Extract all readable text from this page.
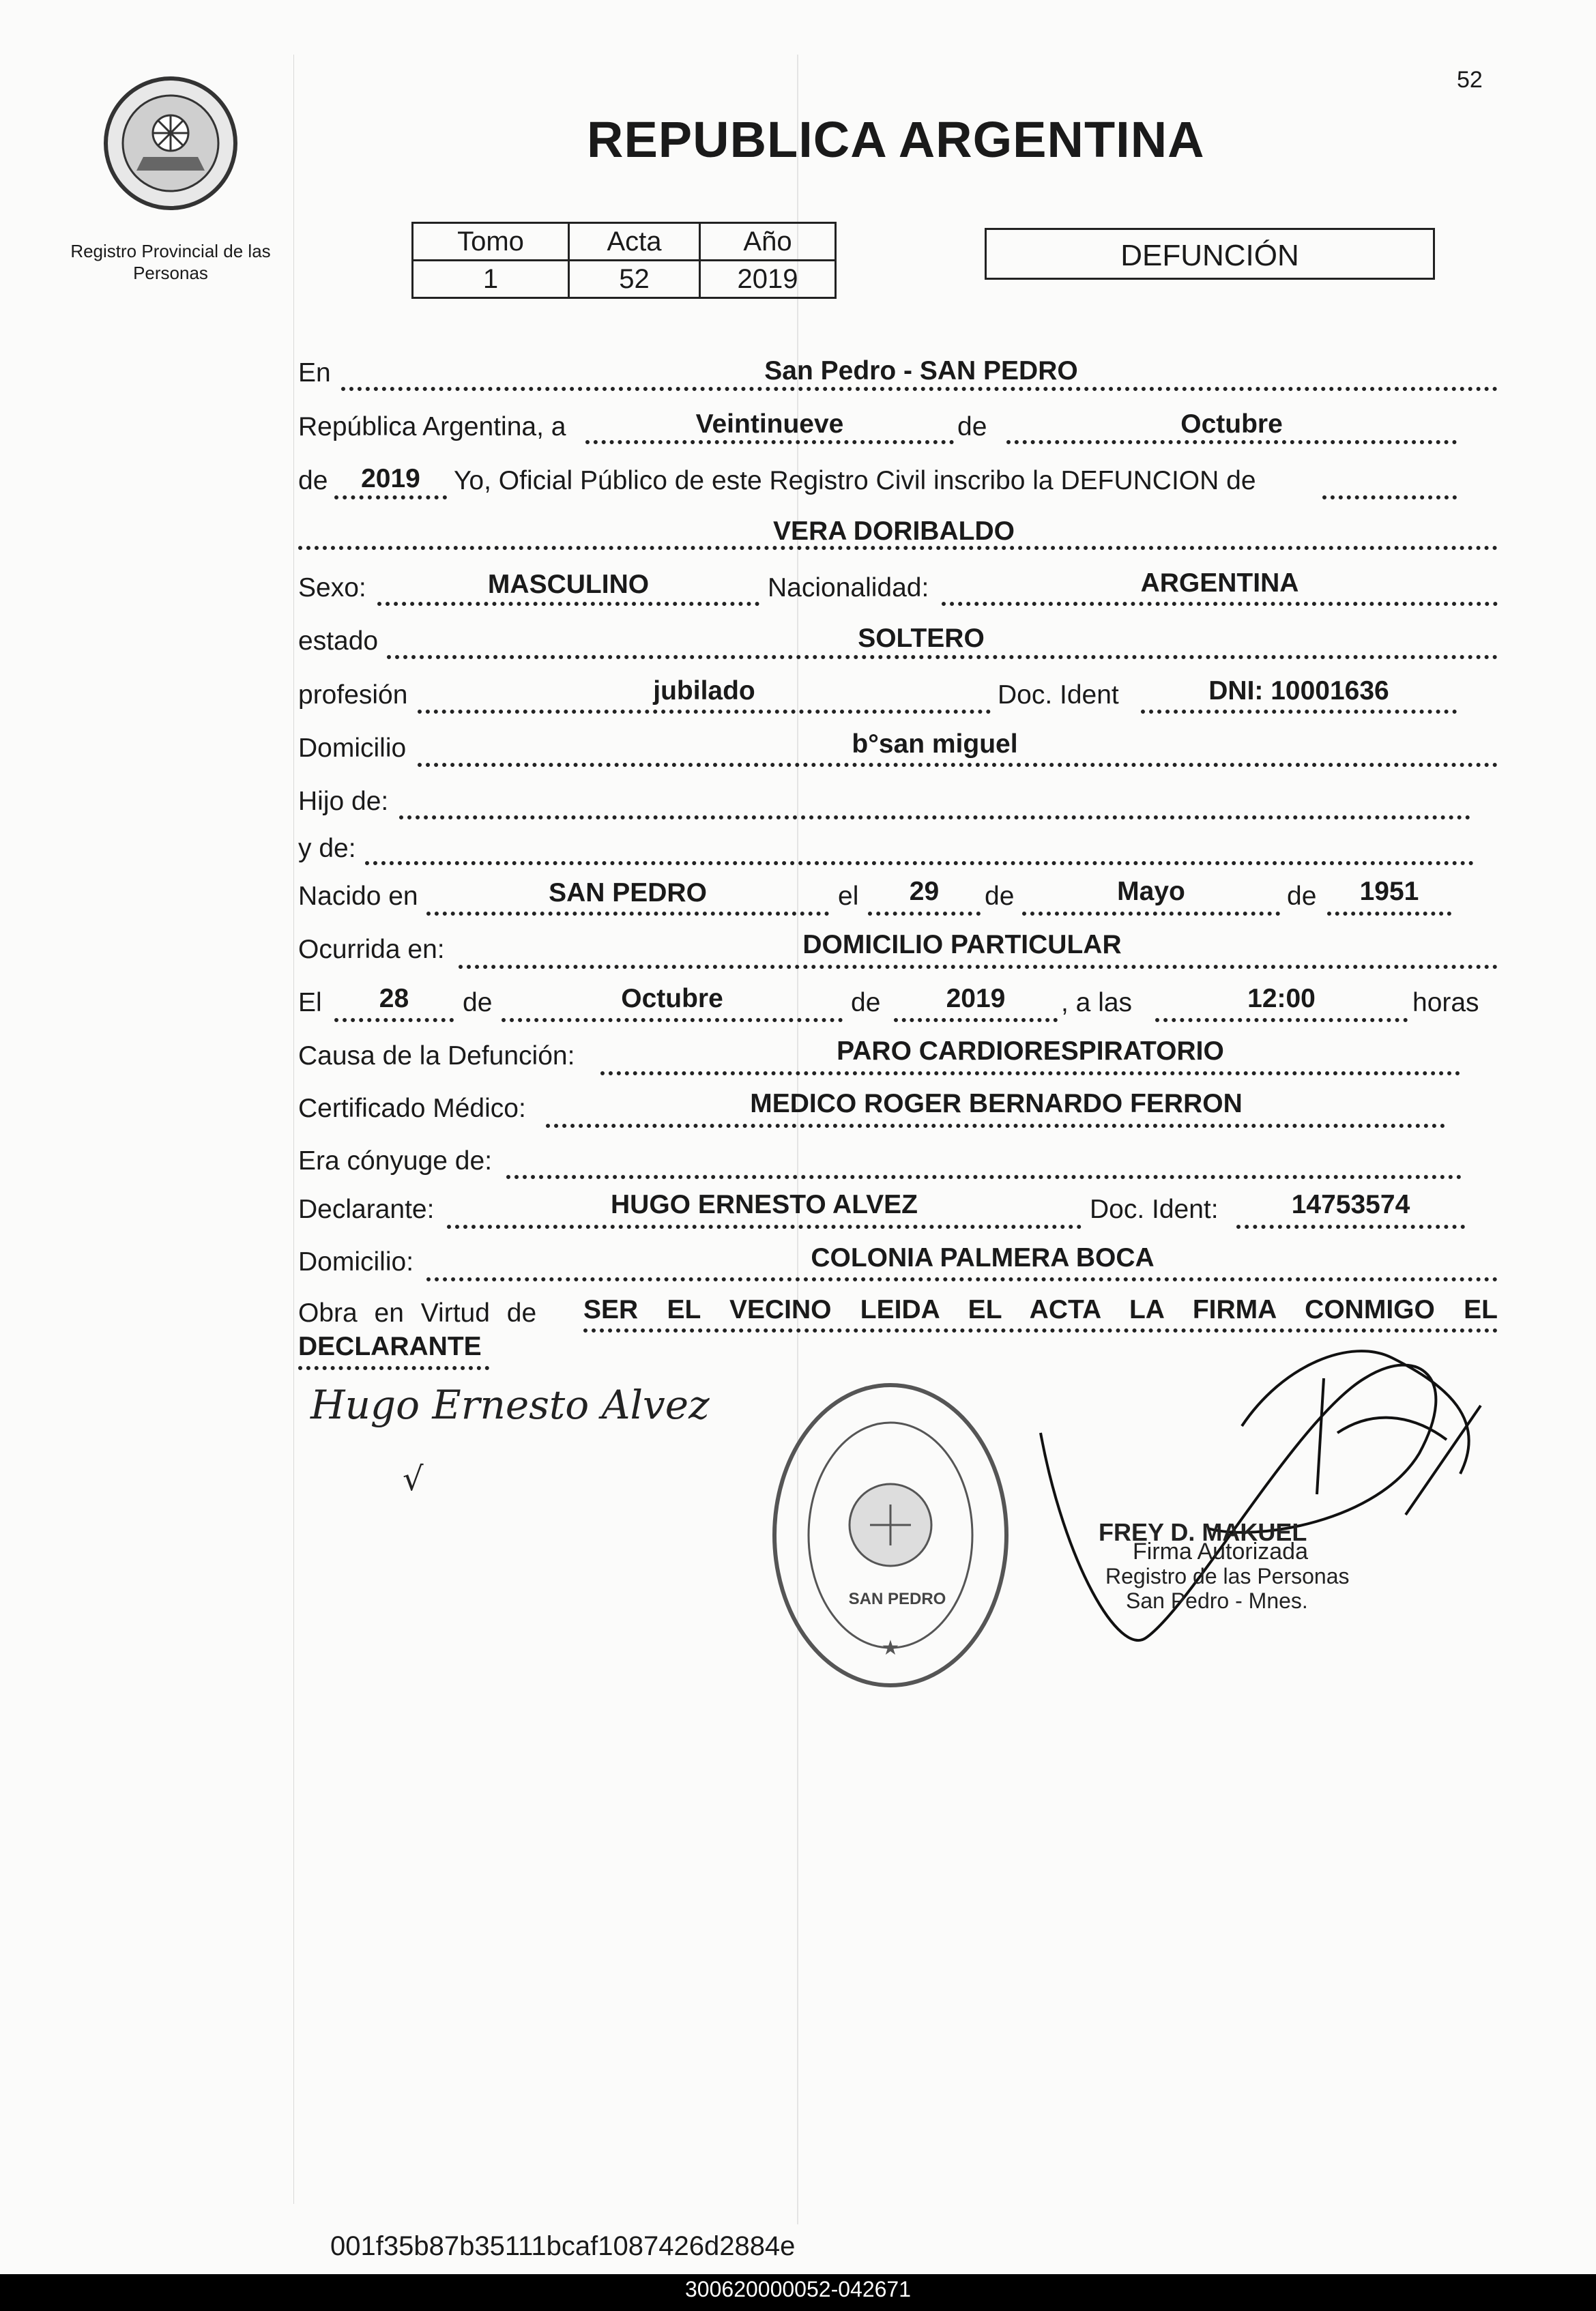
52
Registro Provincial de las Personas
REPUBLICA ARGENTINA
Tomo	Acta	Año
1	52	2019
DEFUNCIÓN
En	San Pedro - SAN PEDRO
República Argentina, a	Veintinueve	de	Octubre
de	2019	Yo, Oficial Público de este Registro Civil inscribo la DEFUNCION de
VERA DORIBALDO
Sexo:	MASCULINO	Nacionalidad:	ARGENTINA
estado	SOLTERO
profesión	jubilado	Doc. Ident	DNI: 10001636
Domicilio	b°san miguel
Hijo de:
y de:
Nacido en	SAN PEDRO	el	29	de	Mayo	de	1951
Ocurrida en:	DOMICILIO PARTICULAR
El	28	de	Octubre	de	2019	, a las	12:00	horas
Causa de la Defunción:	PARO CARDIORESPIRATORIO
Certificado Médico:	MEDICO ROGER BERNARDO FERRON
Era cónyuge de:
Declarante:	HUGO ERNESTO ALVEZ	Doc. Ident:	14753574
Domicilio:	COLONIA PALMERA BOCA
Obra en Virtud de SER EL VECINO LEIDA EL ACTA LA FIRMA CONMIGO EL
DECLARANTE
Hugo Ernesto Alvez
√
★
SAN PEDRO
FREY D. MAKUEL
Firma Autorizada
Registro de las Personas
San Pedro - Mnes.
001f35b87b35111bcaf1087426d2884e
300620000052-042671
